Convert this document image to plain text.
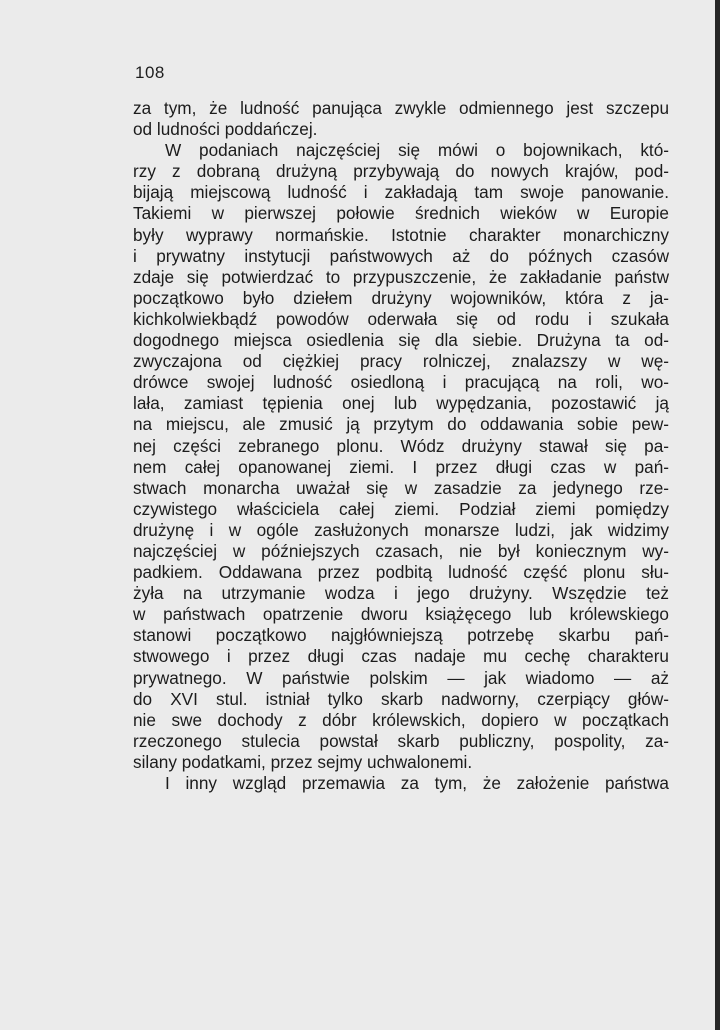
108
za tym, że ludność panująca zwykle odmiennego jest szczepu
od ludności poddańczej.
W podaniach najczęściej się mówi o bojownikach, któ-
rzy z dobraną drużyną przybywają do nowych krajów, pod-
bijają miejscową ludność i zakładają tam swoje panowanie.
Takiemi w pierwszej połowie średnich wieków w Europie
były wyprawy normańskie. Istotnie charakter monarchiczny
i prywatny instytucji państwowych aż do późnych czasów
zdaje się potwierdzać to przypuszczenie, że zakładanie państw
początkowo było dziełem drużyny wojowników, która z ja-
kichkolwiekbądź powodów oderwała się od rodu i szukała
dogodnego miejsca osiedlenia się dla siebie. Drużyna ta od-
zwyczajona od ciężkiej pracy rolniczej, znalazszy w wę-
drówce swojej ludność osiedloną i pracującą na roli, wo-
lała, zamiast tępienia onej lub wypędzania, pozostawić ją
na miejscu, ale zmusić ją przytym do oddawania sobie pew-
nej części zebranego plonu. Wódz drużyny stawał się pa-
nem całej opanowanej ziemi. I przez długi czas w pań-
stwach monarcha uważał się w zasadzie za jedynego rze-
czywistego właściciela całej ziemi. Podział ziemi pomiędzy
drużynę i w ogóle zasłużonych monarsze ludzi, jak widzimy
najczęściej w późniejszych czasach, nie był koniecznym wy-
padkiem. Oddawana przez podbitą ludność część plonu słu-
żyła na utrzymanie wodza i jego drużyny. Wszędzie też
w państwach opatrzenie dworu książęcego lub królewskiego
stanowi początkowo najgłówniejszą potrzebę skarbu pań-
stwowego i przez długi czas nadaje mu cechę charakteru
prywatnego. W państwie polskim — jak wiadomo — aż
do XVI stul. istniał tylko skarb nadworny, czerpiący głów-
nie swe dochody z dóbr królewskich, dopiero w początkach
rzeczonego stulecia powstał skarb publiczny, pospolity, za-
silany podatkami, przez sejmy uchwalonemi.
I inny wzgląd przemawia za tym, że założenie państwa
